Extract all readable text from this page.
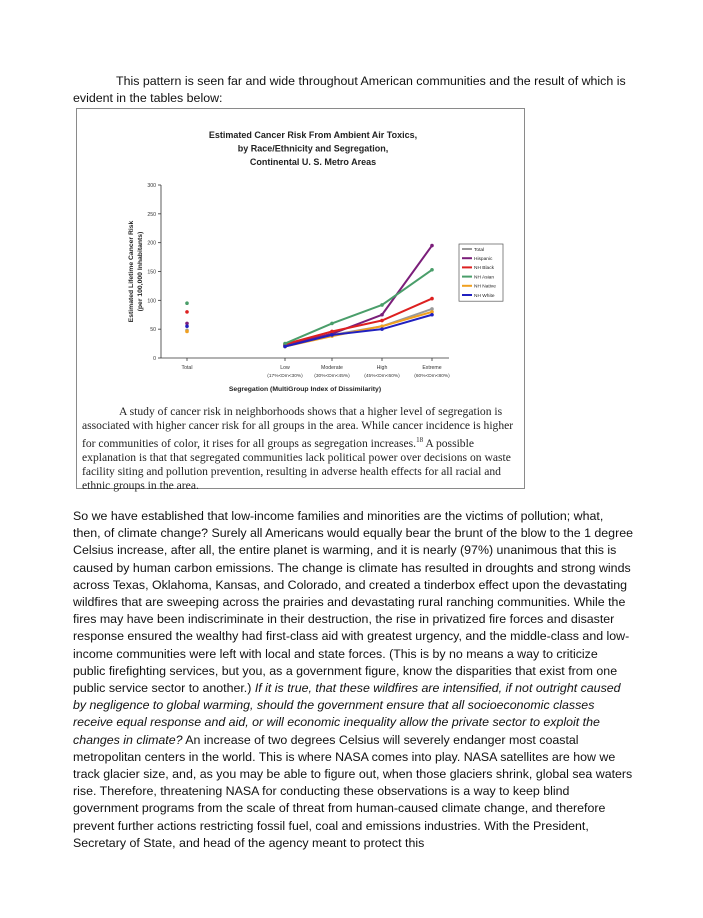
This pattern is seen far and wide throughout American communities and the result of which is evident in the tables below:

Estimated Cancer Risk From Ambient Air Toxics,
by Race/Ethnicity and Segregation,
Continental U. S. Metro Areas
0
50
100
150
200
250
300
Estimated Lifetime Cancer Risk (per 100,000 Inhabitants)
Total	Low
(17%<Dm<30%)
Moderate
(30%<Dm<45%)
High
(45%<Dm<60%)
Extreme
(60%<Dm<80%)
Segregation (MultiGroup Index of Dissimilarity)
Total
Hispanic
NH Black
NH Asian
NH Native
NH White
A study of cancer risk in neighborhoods shows that a higher level of segregation is associated with higher cancer risk for all groups in the area. While cancer incidence is higher for communities of color, it rises for all groups as segregation increases.$^{18}$ A possible explanation is that that segregated communities lack political power over decisions on waste facility siting and pollution prevention, resulting in adverse health effects for all racial and ethnic groups in the area.

So we have established that low-income families and minorities are the victims of pollution; what, then, of climate change? Surely all Americans would equally bear the brunt of the blow to the 1 degree Celsius increase, after all, the entire planet is warming, and it is nearly (97%) unanimous that this is caused by human carbon emissions. The change is climate has resulted in droughts and strong winds across Texas, Oklahoma, Kansas, and Colorado, and created a tinderbox effect upon the devastating wildfires that are sweeping across the prairies and devastating rural ranching communities. While the fires may have been indiscriminate in their destruction, the rise in privatized fire forces and disaster response ensured the wealthy had first-class aid with greatest urgency, and the middle-class and low-income communities were left with local and state forces. (This is by no means a way to criticize public firefighting services, but you, as a government figure, know the disparities that exist from one public service sector to another.) If it is true, that these wildfires are intensified, if not outright caused by negligence to global warming, should the government ensure that all socioeconomic classes receive equal response and aid, or will economic inequality allow the private sector to exploit the changes in climate? An increase of two degrees Celsius will severely endanger most coastal metropolitan centers in the world. This is where NASA comes into play. NASA satellites are how we track glacier size, and, as you may be able to figure out, when those glaciers shrink, global sea waters rise. Therefore, threatening NASA for conducting these observations is a way to keep blind government programs from the scale of threat from human-caused climate change, and therefore prevent further actions restricting fossil fuel, coal and emissions industries. With the President, Secretary of State, and head of the agency meant to protect this
